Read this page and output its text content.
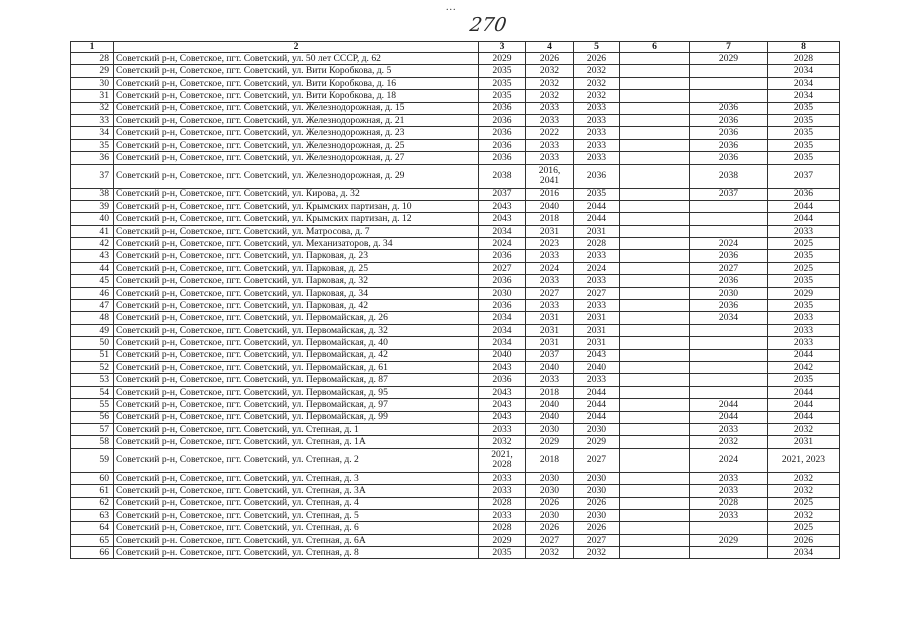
...
270
1	2	3	4	5	6	7	8
28	Советский р-н, Советское, пгт. Советский, ул. 50 лет СССР, д. 62	2029	2026	2026		2029	2028
29	Советский р-н, Советское, пгт. Советский, ул. Вити Коробкова, д. 5	2035	2032	2032			2034
30	Советский р-н, Советское, пгт. Советский, ул. Вити Коробкова, д. 16	2035	2032	2032			2034
31	Советский р-н, Советское, пгт. Советский, ул. Вити Коробкова, д. 18	2035	2032	2032			2034
32	Советский р-н, Советское, пгт. Советский, ул. Железнодорожная, д. 15	2036	2033	2033		2036	2035
33	Советский р-н, Советское, пгт. Советский, ул. Железнодорожная, д. 21	2036	2033	2033		2036	2035
34	Советский р-н, Советское, пгт. Советский, ул. Железнодорожная, д. 23	2036	2022	2033		2036	2035
35	Советский р-н, Советское, пгт. Советский, ул. Железнодорожная, д. 25	2036	2033	2033		2036	2035
36	Советский р-н, Советское, пгт. Советский, ул. Железнодорожная, д. 27	2036	2033	2033		2036	2035
37	Советский р-н, Советское, пгт. Советский, ул. Железнодорожная, д. 29	2038	2016, 2041	2036		2038	2037
38	Советский р-н, Советское, пгт. Советский, ул. Кирова, д. 32	2037	2016	2035		2037	2036
39	Советский р-н, Советское, пгт. Советский, ул. Крымских партизан, д. 10	2043	2040	2044			2044
40	Советский р-н, Советское, пгт. Советский, ул. Крымских партизан, д. 12	2043	2018	2044			2044
41	Советский р-н, Советское, пгт. Советский, ул. Матросова, д. 7	2034	2031	2031			2033
42	Советский р-н, Советское, пгт. Советский, ул. Механизаторов, д. 34	2024	2023	2028		2024	2025
43	Советский р-н, Советское, пгт. Советский, ул. Парковая, д. 23	2036	2033	2033		2036	2035
44	Советский р-н, Советское, пгт. Советский, ул. Парковая, д. 25	2027	2024	2024		2027	2025
45	Советский р-н, Советское, пгт. Советский, ул. Парковая, д. 32	2036	2033	2033		2036	2035
46	Советский р-н, Советское, пгт. Советский, ул. Парковая, д. 34	2030	2027	2027		2030	2029
47	Советский р-н, Советское, пгт. Советский, ул. Парковая, д. 42	2036	2033	2033		2036	2035
48	Советский р-н, Советское, пгт. Советский, ул. Первомайская, д. 26	2034	2031	2031		2034	2033
49	Советский р-н, Советское, пгт. Советский, ул. Первомайская, д. 32	2034	2031	2031			2033
50	Советский р-н, Советское, пгт. Советский, ул. Первомайская, д. 40	2034	2031	2031			2033
51	Советский р-н, Советское, пгт. Советский, ул. Первомайская, д. 42	2040	2037	2043			2044
52	Советский р-н, Советское, пгт. Советский, ул. Первомайская, д. 61	2043	2040	2040			2042
53	Советский р-н, Советское, пгт. Советский, ул. Первомайская, д. 87	2036	2033	2033			2035
54	Советский р-н, Советское, пгт. Советский, ул. Первомайская, д. 95	2043	2018	2044			2044
55	Советский р-н, Советское, пгт. Советский, ул. Первомайская, д. 97	2043	2040	2044		2044	2044
56	Советский р-н, Советское, пгт. Советский, ул. Первомайская, д. 99	2043	2040	2044		2044	2044
57	Советский р-н, Советское, пгт. Советский, ул. Степная, д. 1	2033	2030	2030		2033	2032
58	Советский р-н, Советское, пгт. Советский, ул. Степная, д. 1А	2032	2029	2029		2032	2031
59	Советский р-н, Советское, пгт. Советский, ул. Степная, д. 2	2021, 2028	2018	2027		2024	2021, 2023
60	Советский р-н, Советское, пгт. Советский, ул. Степная, д. 3	2033	2030	2030		2033	2032
61	Советский р-н, Советское, пгт. Советский, ул. Степная, д. 3А	2033	2030	2030		2033	2032
62	Советский р-н, Советское, пгт. Советский, ул. Степная, д. 4	2028	2026	2026		2028	2025
63	Советский р-н, Советское, пгт. Советский, ул. Степная, д. 5	2033	2030	2030		2033	2032
64	Советский р-н, Советское, пгт. Советский, ул. Степная, д. 6	2028	2026	2026			2025
65	Советский р-н. Советское, пгт. Советский, ул. Степная, д. 6А	2029	2027	2027		2029	2026
66	Советский р-н. Советское, пгт. Советский, ул. Степная, д. 8	2035	2032	2032			2034
